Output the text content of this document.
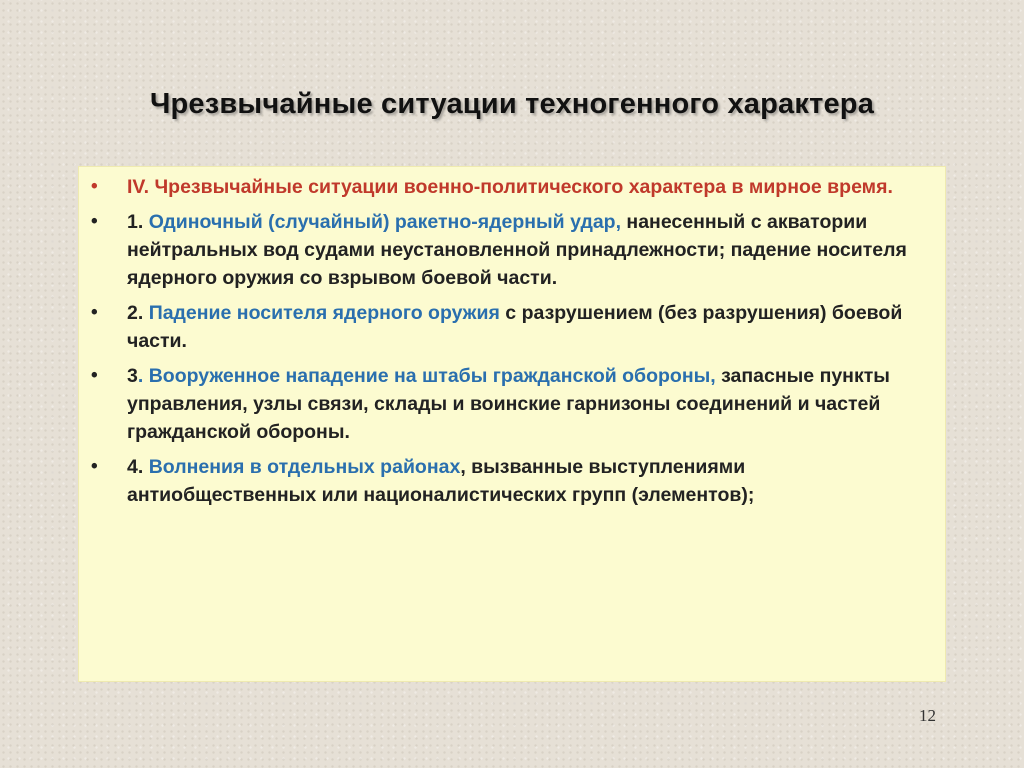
Чрезвычайные ситуации техногенного характера
• IV. Чрезвычайные ситуации военно-политического характера в мирное время.
• 1. Одиночный (случайный) ракетно-ядерный удар, нанесенный с акватории нейтральных вод судами неустановленной принадлежности; падение носителя ядерного оружия со взрывом боевой части.
• 2. Падение носителя ядерного оружия с разрушением (без разрушения) боевой части.
• 3. Вооруженное нападение на штабы гражданской обороны, запасные пункты управления, узлы связи, склады и воинские гарнизоны соединений и частей гражданской обороны.
• 4. Волнения в отдельных районах, вызванные выступлениями антиобщественных или националистических групп (элементов);
12
